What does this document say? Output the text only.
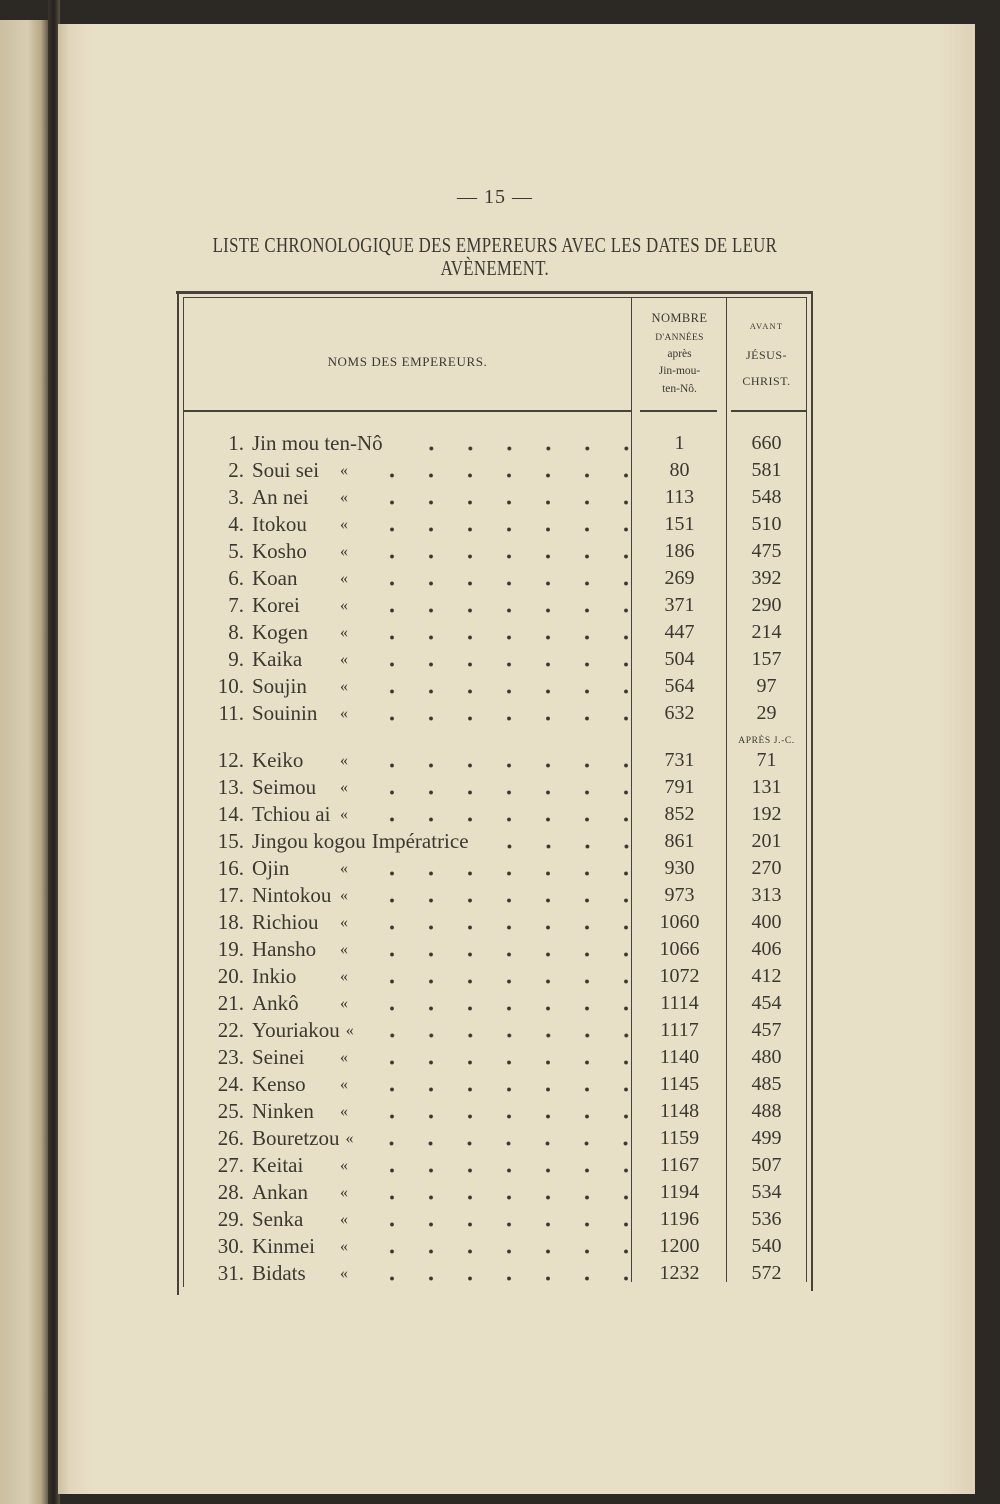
— 15 —
LISTE CHRONOLOGIQUE DES EMPEREURS AVEC LES DATES DE LEUR
AVÈNEMENT.
NOMS DES EMPEREURS.
NOMBRE
D'ANNÉES
après
Jin-mou-
ten-Nô.
AVANT
JÉSUS-
CHRIST.
1. Jin mou ten-Nô	1	660
2. Soui sei	«	80	581
3. An nei	«	113	548
4. Itokou	«	151	510
5. Kosho	«	186	475
6. Koan	«	269	392
7. Korei	«	371	290
8. Kogen	«	447	214
9. Kaika	«	504	157
10. Soujin	«	564	97
11. Souinin	«	632	29
APRÈS J.-C.
12. Keiko	«	731	71
13. Seimou	«	791	131
14. Tchiou ai «	852	192
15. Jingou kogou Impératrice	861	201
16. Ojin	«	930	270
17. Nintokou «	973	313
18. Richiou	«	1060	400
19. Hansho	«	1066	406
20. Inkio	«	1072	412
21. Ankô	«	1114	454
22. Youriakou «	1117	457
23. Seinei	«	1140	480
24. Kenso	«	1145	485
25. Ninken	«	1148	488
26. Bouretzou «	1159	499
27. Keitai	«	1167	507
28. Ankan	«	1194	534
29. Senka	«	1196	536
30. Kinmei	«	1200	540
31. Bidats	«	1232	572
